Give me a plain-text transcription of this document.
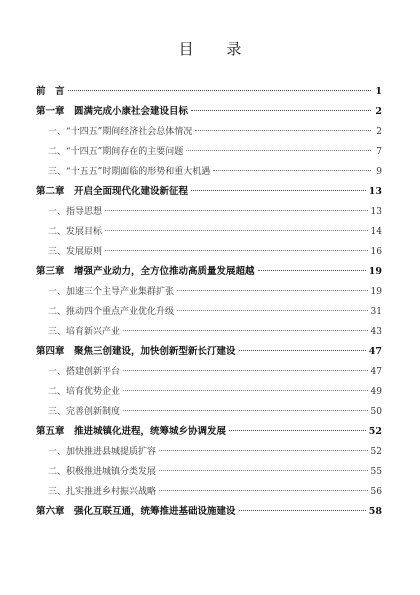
目 录
前　言	1
第一章　圆满完成小康社会建设目标	2
一、“十四五”期间经济社会总体情况	2
二、“十四五”期间存在的主要问题	7
三、“十五五”时期面临的形势和重大机遇	9
第二章　开启全面现代化建设新征程	13
一、指导思想	13
二、发展目标	14
三、发展原则	16
第三章　增强产业动力，全方位推动高质量发展超越	19
一、加速三个主导产业集群扩张	19
二、推动四个重点产业优化升级	31
三、培育新兴产业	43
第四章　聚焦三创建设，加快创新型新长汀建设	47
一、搭建创新平台	47
二、培育优势企业	49
三、完善创新制度	50
第五章　推进城镇化进程，统筹城乡协调发展	52
一、加快推进县城提质扩容	52
二、积极推进城镇分类发展	55
三、扎实推进乡村振兴战略	56
第六章　强化互联互通，统筹推进基础设施建设	58
